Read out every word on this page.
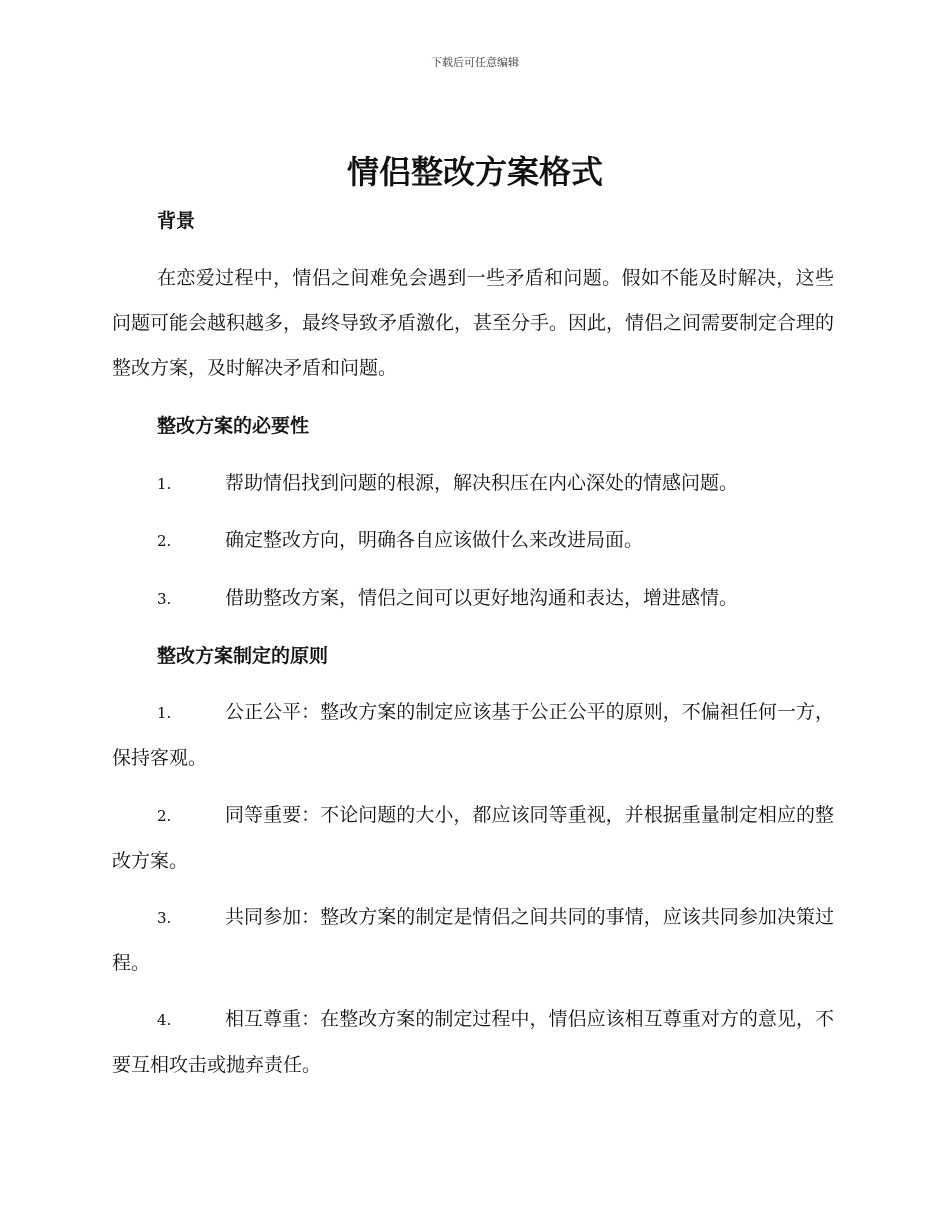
下载后可任意编辑
情侣整改方案格式
背景

在恋爱过程中，情侣之间难免会遇到一些矛盾和问题。假如不能及时解决，这些问题可能会越积越多，最终导致矛盾激化，甚至分手。因此，情侣之间需要制定合理的整改方案，及时解决矛盾和问题。

整改方案的必要性

1.	帮助情侣找到问题的根源，解决积压在内心深处的情感问题。

2.	确定整改方向，明确各自应该做什么来改进局面。

3.	借助整改方案，情侣之间可以更好地沟通和表达，增进感情。

整改方案制定的原则

1.	公正公平：整改方案的制定应该基于公正公平的原则，不偏袒任何一方，保持客观。

2.	同等重要：不论问题的大小，都应该同等重视，并根据重量制定相应的整改方案。

3.	共同参加：整改方案的制定是情侣之间共同的事情，应该共同参加决策过程。

4.	相互尊重：在整改方案的制定过程中，情侣应该相互尊重对方的意见，不要互相攻击或抛弃责任。
